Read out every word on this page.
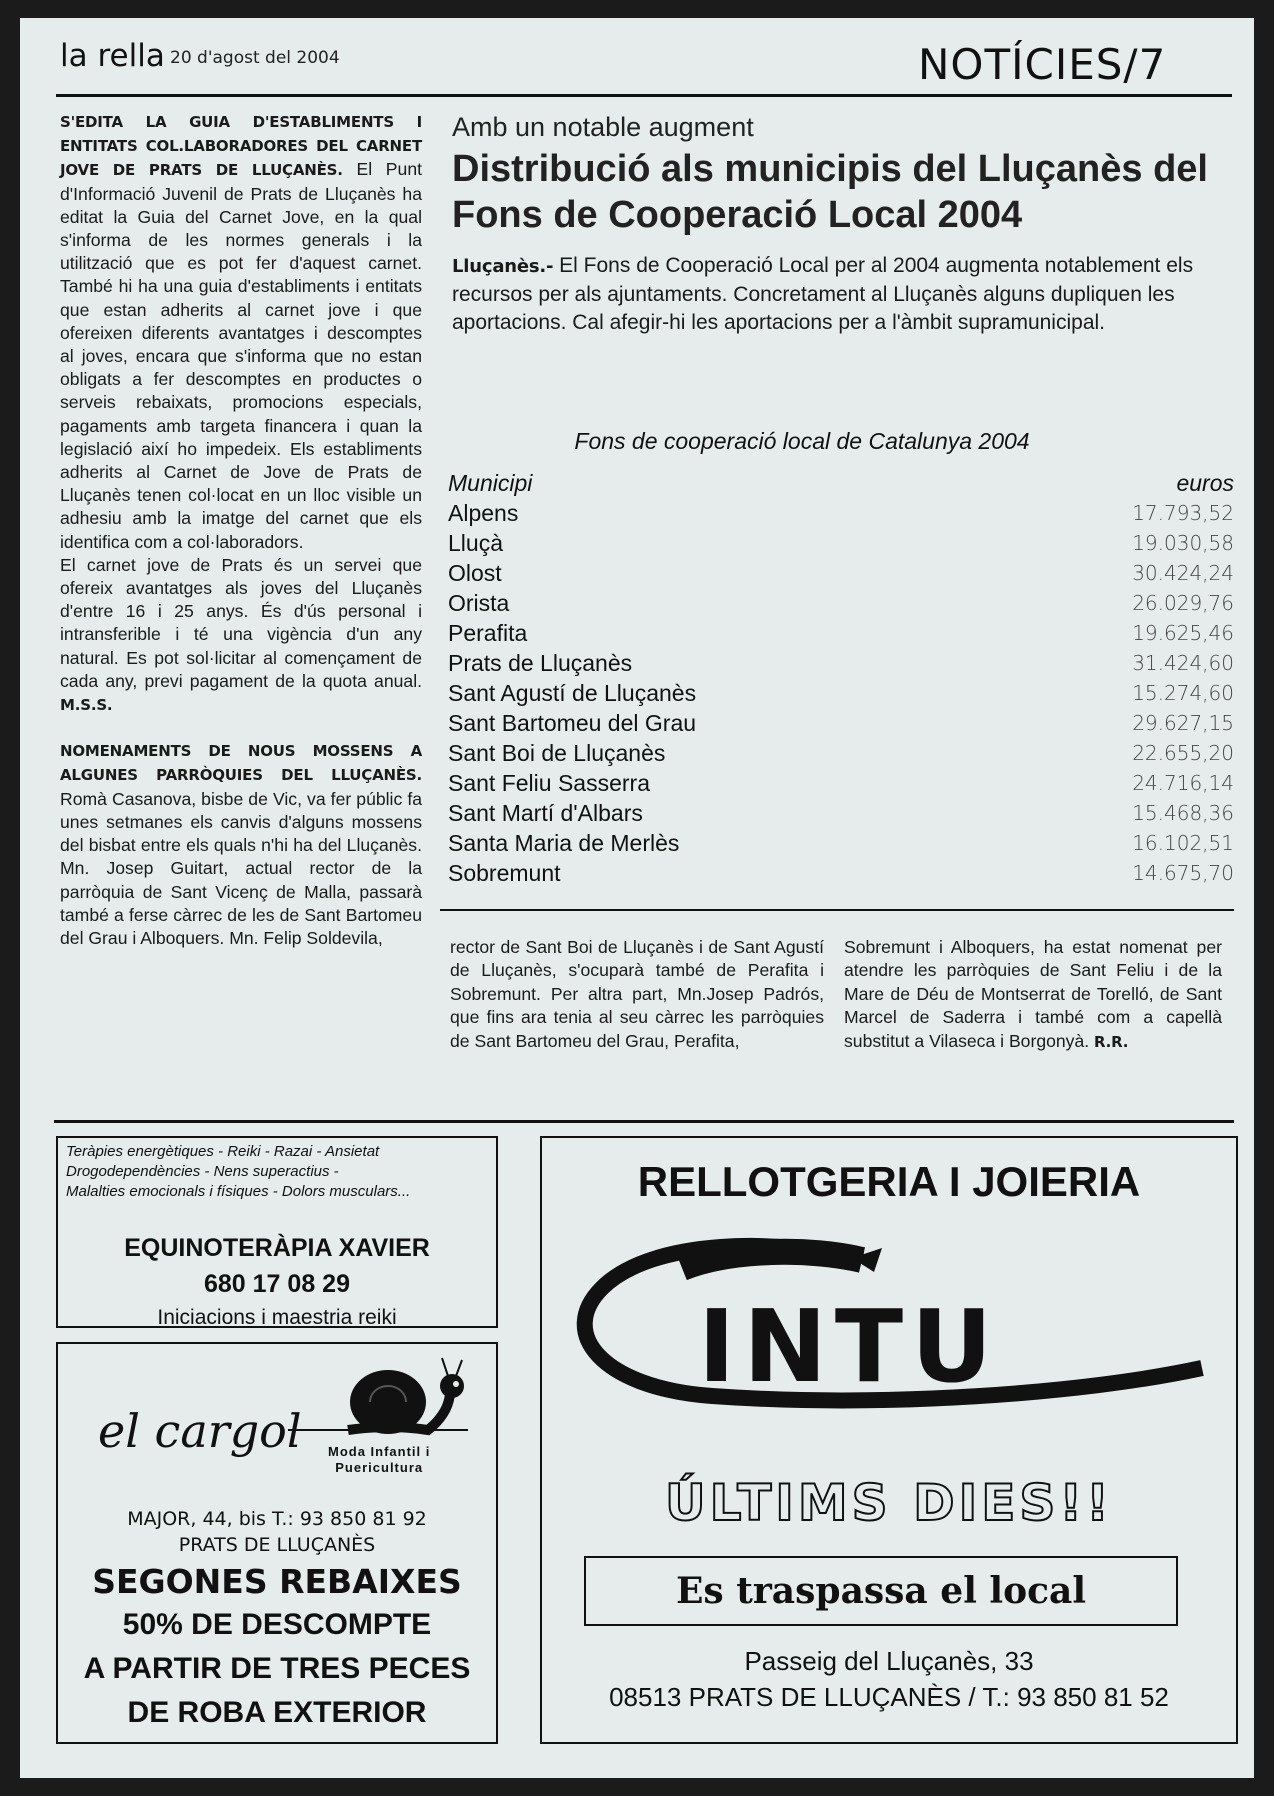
la rella 20 d'agost del 2004	NOTÍCIES/7

S'EDITA LA GUIA D'ESTABLIMENTS I ENTITATS COL.LABORADORES DEL CARNET JOVE DE PRATS DE LLUÇANÈS. El Punt d'Informació Juvenil de Prats de Lluçanès ha editat la Guia del Carnet Jove, en la qual s'informa de les normes generals i la utilització que es pot fer d'aquest carnet. També hi ha una guia d'establiments i entitats que estan adherits al carnet jove i que ofereixen diferents avantatges i descomptes al joves, encara que s'informa que no estan obligats a fer descomptes en productes o serveis rebaixats, promocions especials, pagaments amb targeta financera i quan la legislació així ho impedeix. Els establiments adherits al Carnet de Jove de Prats de Lluçanès tenen col·locat en un lloc visible un adhesiu amb la imatge del carnet que els identifica com a col·laboradors.

El carnet jove de Prats és un servei que ofereix avantatges als joves del Lluçanès d'entre 16 i 25 anys. És d'ús personal i intransferible i té una vigència d'un any natural. Es pot sol·licitar al començament de cada any, previ pagament de la quota anual. M.S.S.

NOMENAMENTS DE NOUS MOSSENS A ALGUNES PARRÒQUIES DEL LLUÇANÈS. Romà Casanova, bisbe de Vic, va fer públic fa unes setmanes els canvis d'alguns mossens del bisbat entre els quals n'hi ha del Lluçanès. Mn. Josep Guitart, actual rector de la parròquia de Sant Vicenç de Malla, passarà també a ferse càrrec de les de Sant Bartomeu del Grau i Alboquers. Mn. Felip Soldevila,

Amb un notable augment
Distribució als municipis del Lluçanès del Fons de Cooperació Local 2004
Lluçanès.- El Fons de Cooperació Local per al 2004 augmenta notablement els recursos per als ajuntaments. Concretament al Lluçanès alguns dupliquen les aportacions. Cal afegir-hi les aportacions per a l'àmbit supramunicipal.
Fons de cooperació local de Catalunya 2004
Municipi	euros
Alpens	17.793,52
Lluçà	19.030,58
Olost	30.424,24
Orista	26.029,76
Perafita	19.625,46
Prats de Lluçanès	31.424,60
Sant Agustí de Lluçanès	15.274,60
Sant Bartomeu del Grau	29.627,15
Sant Boi de Lluçanès	22.655,20
Sant Feliu Sasserra	24.716,14
Sant Martí d'Albars	15.468,36
Santa Maria de Merlès	16.102,51
Sobremunt	14.675,70
rector de Sant Boi de Lluçanès i de Sant Agustí de Lluçanès, s'ocuparà també de Perafita i Sobremunt. Per altra part, Mn.Josep Padrós, que fins ara tenia al seu càrrec les parròquies de Sant Bartomeu del Grau, Perafita,
Sobremunt i Alboquers, ha estat nomenat per atendre les parròquies de Sant Feliu i de la Mare de Déu de Montserrat de Torelló, de Sant Marcel de Saderra i també com a capellà substitut a Vilaseca i Borgonyà. R.R.
Teràpies energètiques - Reiki - Razai - Ansietat
Drogodependències - Nens superactius -
Malalties emocionals i físiques - Dolors musculars...
EQUINOTERÀPIA XAVIER
680 17 08 29
Iniciacions i maestria reiki
el cargol Moda Infantil i
Puericultura
MAJOR, 44, bis T.: 93 850 81 92
PRATS DE LLUÇANÈS
SEGONES REBAIXES
50% DE DESCOMPTE
A PARTIR DE TRES PECES
DE ROBA EXTERIOR
RELLOTGERIA I JOIERIA
INTU
ÚLTIMS DIES!!
Es traspassa el local
Passeig del Lluçanès, 33
08513 PRATS DE LLUÇANÈS / T.: 93 850 81 52
